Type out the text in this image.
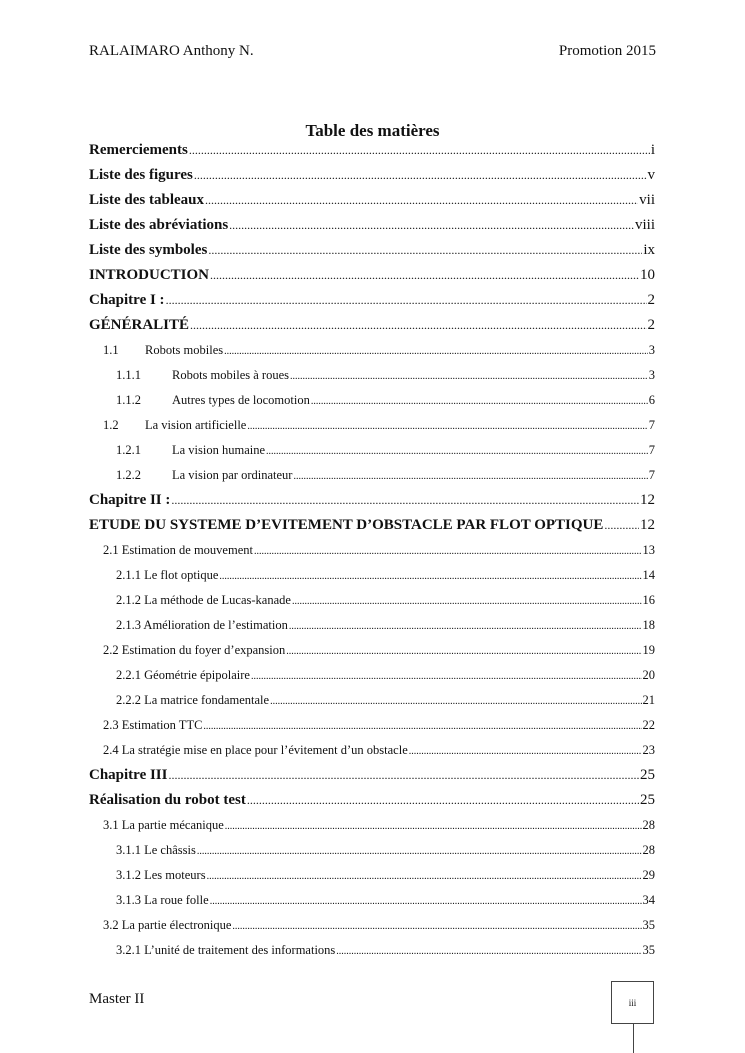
RALAIMARO Anthony N.	Promotion 2015
Table des matières
Remerciements .....	i
Liste des figures .....	v
Liste des tableaux .....	vii
Liste des abréviations .....	viii
Liste des symboles .....	ix
INTRODUCTION .....	10
Chapitre I : .....	2
GÉNÉRALITÉ .....	2
1.1	Robots mobiles .....	3
1.1.1	Robots mobiles à roues .....	3
1.1.2	Autres types de locomotion .....	6
1.2	La vision artificielle .....	7
1.2.1	La vision humaine .....	7
1.2.2	La vision par ordinateur .....	7
Chapitre II : .....	12
ETUDE DU SYSTEME D’EVITEMENT D’OBSTACLE PAR FLOT OPTIQUE ..... 12
2.1 Estimation de mouvement .....	13
2.1.1 Le flot optique .....	14
2.1.2 La méthode de Lucas-kanade .....	16
2.1.3 Amélioration de l’estimation .....	18
2.2 Estimation du foyer d’expansion .....	19
2.2.1 Géométrie épipolaire .....	20
2.2.2 La matrice fondamentale .....	21
2.3 Estimation TTC .....	22
2.4 La stratégie mise en place pour l’évitement d’un obstacle .....	23
Chapitre III .....	25
Réalisation du robot test .....	25
3.1 La partie mécanique .....	28
3.1.1 Le châssis .....	28
3.1.2 Les moteurs .....	29
3.1.3 La roue folle .....	34
3.2 La partie électronique .....	35
3.2.1 L’unité de traitement des informations .....	35
Master II	iii
